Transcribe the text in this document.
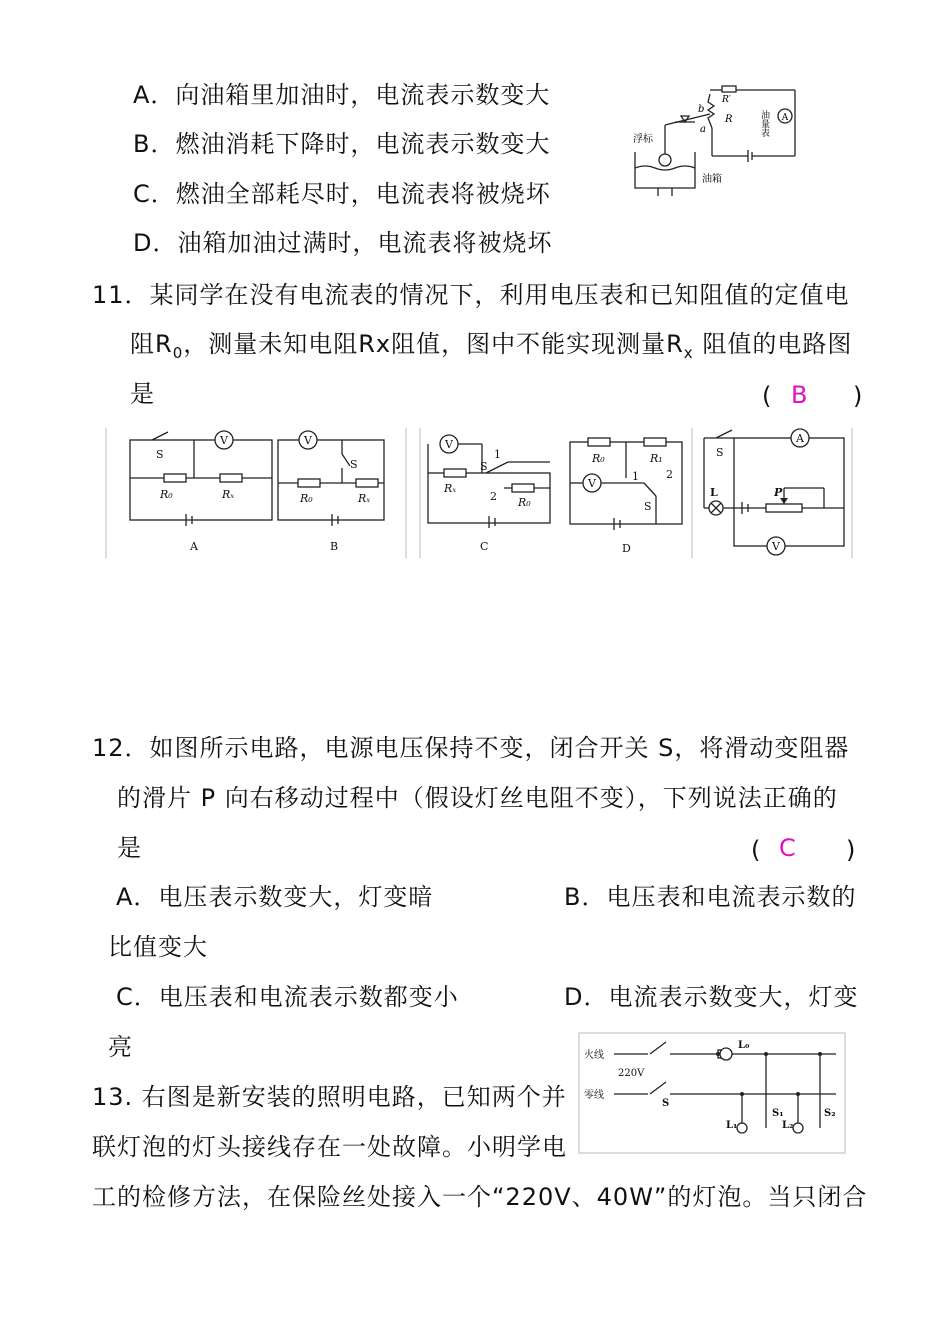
A．向油箱里加油时，电流表示数变大
B．燃油消耗下降时，电流表示数变大
C．燃油全部耗尽时，电流表将被烧坏
D．油箱加油过满时，电流表将被烧坏
A
浮标
油箱
b
a
R
R′
油量表
11．某同学在没有电流表的情况下，利用电压表和已知阻值的定值电
阻$R_0$，测量未知电阻Rx阻值，图中不能实现测量$R_x$ 阻值的电路图
是	( B )
S
V
R₀	Rₓ
A
V
S
R₀	Rₓ
B
V
1
S
Rₓ
2 R₀
C
R₀	R₁
V
1 2
S
D
S
A
L	P
V
12．如图所示电路，电源电压保持不变，闭合开关 S，将滑动变阻器
的滑片 P 向右移动过程中（假设灯丝电阻不变），下列说法正确的
是	( C )
A．电压表示数变大，灯变暗	B．电压表和电流表示数的
比值变大
C．电压表和电流表示数都变小	D．电流表示数变大，灯变
亮
13. 右图是新安装的照明电路，已知两个并
联灯泡的灯头接线存在一处故障。小明学电
工的检修方法，在保险丝处接入一个“220V、40W”的灯泡。当只闭合
火线
零线
220V
S
L₀
L₁
S₁
L₂
S₂
